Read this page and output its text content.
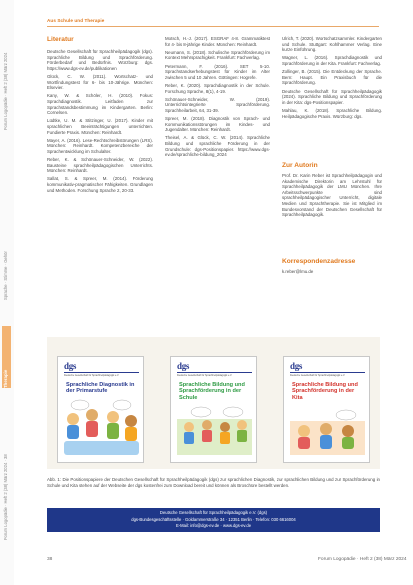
Forum Logopädie · Heft 2 (38) März 2024
Sprache · Stimme · Gehör
Forum Logopädie · Heft 2 (38) März 2024 · 38
Therapie
Aus Schule und Therapie
Literatur
Deutsche Gesellschaft für Sprachheilpädagogik (dgs). Sprachliche Bildung und Sprachförderung. Förderbedarf und Bedürfnis. Würzburg: dgs. https://www.dgs-ev.de/publikationen
Glück, C. W. (2011). Wortschatz- und Wortfindungstest für 6- bis 10-Jährige. München: Elsevier.
Kany, W. & Schöler, H. (2010). Fokus: Sprachdiagnostik. Leitfaden zur Sprachstandsbestimmung im Kindergarten. Berlin: Cornelsen.
Lüdtke, U. M. & Stitzinger, U. (2017). Kinder mit sprachlichen Beeinträchtigungen unterrichten. Fundierte Praxis. München: Reinhardt.
Mayer, A. (2016). Lese-Rechtschreibstörungen (LRS). München: Reinhardt. Kompetenzbereiche der Sprachentwicklung im Schulalter.
Reber, K. & Schönauer-Schneider, W. (2022). Bausteine sprachheilpädagogischen Unterrichts. München: Reinhardt.
Sallat, S. & Spreer, M. (2014). Förderung kommunikativ-pragmatischer Fähigkeiten. Grundlagen und Methoden. Forschung Sprache 2, 20-33.
Motsch, H.-J. (2017). ESGRAF 4-8. Grammatiktest für 4- bis 8-jährige Kinder. München: Reinhardt.
Neumann, S. (2018). Schulische Sprachförderung im Kontext Mehrsprachigkeit. Frankfurt: Fachverlag.
Petermann, F. (2016). SET 5-10. Sprachstandserhebungstest für Kinder im Alter zwischen 5 und 10 Jahren. Göttingen: Hogrefe.
Reber, K. (2020). Sprachdiagnostik in der Schule. Forschung Sprache, 8(1), 4-19.
Schönauer-Schneider, W. (2019). Unterrichtsintegrierte Sprachförderung. Sprachheilarbeit, 64, 31-39.
Spreer, M. (2018). Diagnostik von Sprach- und Kommunikationsstörungen im Kindes- und Jugendalter. München: Reinhardt.
Theisel, A. & Glück, C. W. (2014). Sprachliche Bildung und sprachliche Förderung in der Grundschule: dgs-Positionspapier. https://www.dgs-ev.de/sprachliche-bildung_2024
Ulrich, T. (2020). Wortschatzsammler. Kindergarten und Schule. Stuttgart: Kohlhammer Verlag. Eine kurze Einführung.
Wagner, L. (2016). Sprachdiagnostik und Sprachförderung in der Kita. Frankfurt: Fachverlag.
Zollinger, B. (2015). Die Entdeckung der Sprache. Bern: Haupt. Ein Praxisbuch für die Sprachförderung.
Deutsche Gesellschaft für Sprachheilpädagogik (2024). Sprachliche Bildung und Sprachförderung in der Kita: dgs-Positionspapier.
Mahlau, K. (2018). Sprachliche Bildung. Heilpädagogische Praxis. Würzburg: dgs.
Zur Autorin
Prof. Dr. Karin Reber ist Sprachheilpädagogin und Akademische Direktorin am Lehrstuhl für Sprachheilpädagogik der LMU München. Ihre Arbeitsschwerpunkte sind sprachheilpädagogischer Unterricht, digitale Medien und Sprachtherapie. Sie ist Mitglied im Bundesvorstand der Deutschen Gesellschaft für Sprachheilpädagogik.
Korrespondenzadresse
k.reber@lmu.de
dgs
Deutsche Gesellschaft für Sprachheilpädagogik e.V.
Sprachliche Diagnostik in der Primarstufe
dgs
Deutsche Gesellschaft für Sprachheilpädagogik e.V.
Sprachliche Bildung und Sprachförderung in der Schule
dgs
Deutsche Gesellschaft für Sprachheilpädagogik e.V.
Sprachliche Bildung und Sprachförderung in der Kita
Abb. 1: Die Positionspapiere der Deutschen Gesellschaft für Sprachheilpädagogik (dgs) zur sprachlichen Diagnostik, zur sprachlichen Bildung und zur Sprachförderung in Schule und Kita stehen auf der Webseite der dgs kostenfrei zum Download bereit und können als Broschüre bestellt werden.
Deutsche Gesellschaft für Sprachheilpädagogik e.V. (dgs)
dgs-Bundesgeschäftsstelle · Goldammerstraße 34 · 12351 Berlin · Telefon: 030 6616004
E-Mail: info@dgs-ev.de · www.dgs-ev.de
38	Forum Logopädie · Heft 2 (38) März 2024
